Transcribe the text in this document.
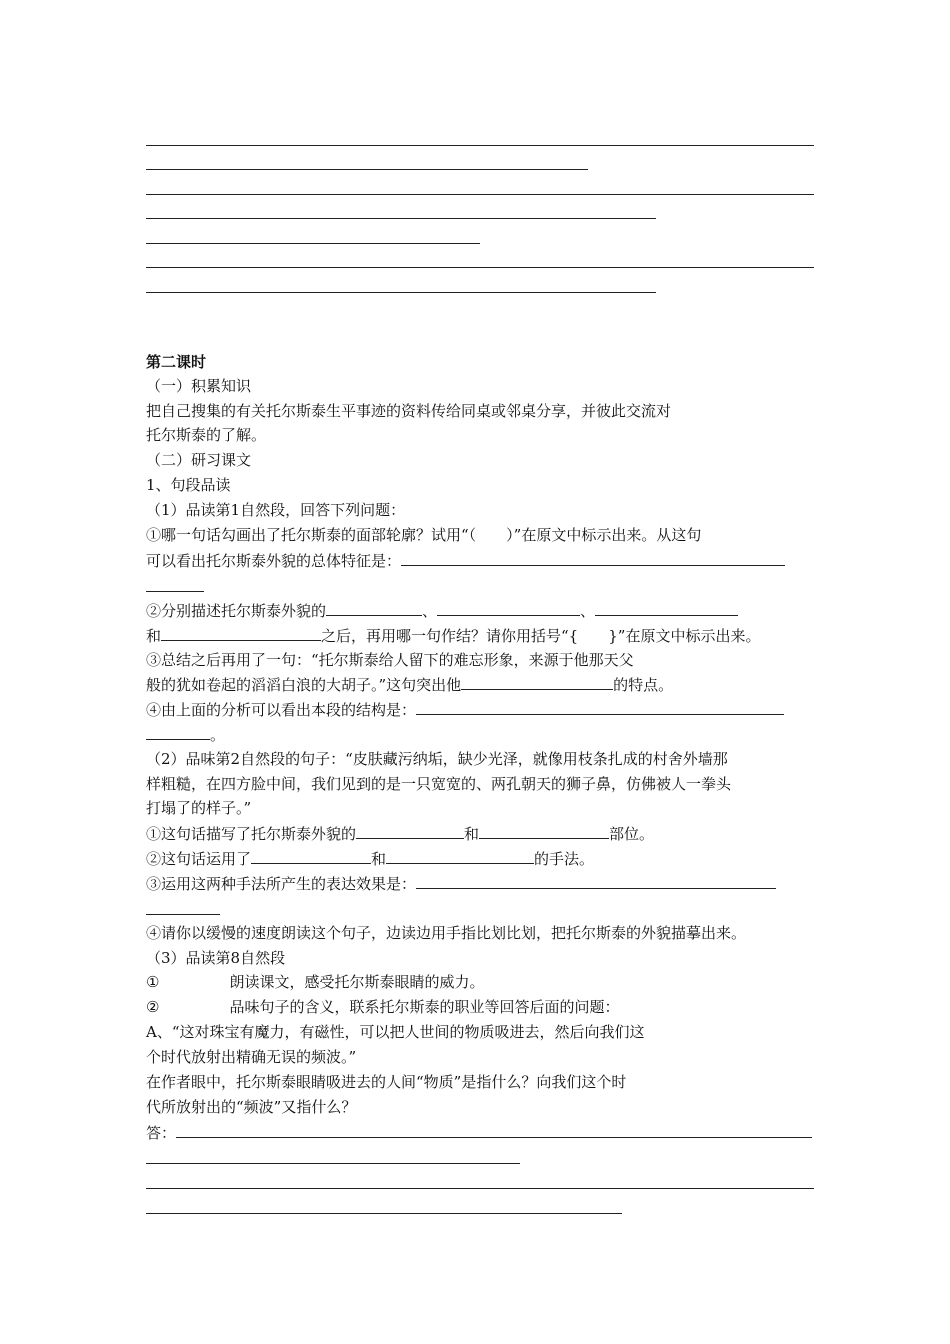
第二课时
（一）积累知识
把自己搜集的有关托尔斯泰生平事迹的资料传给同桌或邻桌分享，并彼此交流对
托尔斯泰的了解。
（二）研习课文
1、句段品读
（1）品读第1自然段，回答下列问题：
①哪一句话勾画出了托尔斯泰的面部轮廓？试用“（　　）”在原文中标示出来。从这句
可以看出托尔斯泰外貌的总体特征是：
②分别描述托尔斯泰外貌的	、	、
和	之后，再用哪一句作结？请你用括号“{　　}”在原文中标示出来。
③总结之后再用了一句：“托尔斯泰给人留下的难忘形象，来源于他那天父
般的犹如卷起的滔滔白浪的大胡子。”这句突出他	的特点。
④由上面的分析可以看出本段的结构是：
。
（2）品味第2自然段的句子：“皮肤藏污纳垢，缺少光泽，就像用枝条扎成的村舍外墙那
样粗糙，在四方脸中间，我们见到的是一只宽宽的、两孔朝天的狮子鼻，仿佛被人一拳头
打塌了的样子。”
①这句话描写了托尔斯泰外貌的	和	部位。
②这句话运用了	和	的手法。
③运用这两种手法所产生的表达效果是：
④请你以缓慢的速度朗读这个句子，边读边用手指比划比划，把托尔斯泰的外貌描摹出来。
（3）品读第8自然段
①	朗读课文，感受托尔斯泰眼睛的威力。
②	品味句子的含义，联系托尔斯泰的职业等回答后面的问题：
A、“这对珠宝有魔力，有磁性，可以把人世间的物质吸进去，然后向我们这
个时代放射出精确无误的频波。”
在作者眼中，托尔斯泰眼睛吸进去的人间“物质”是指什么？向我们这个时
代所放射出的“频波”又指什么？
答：
